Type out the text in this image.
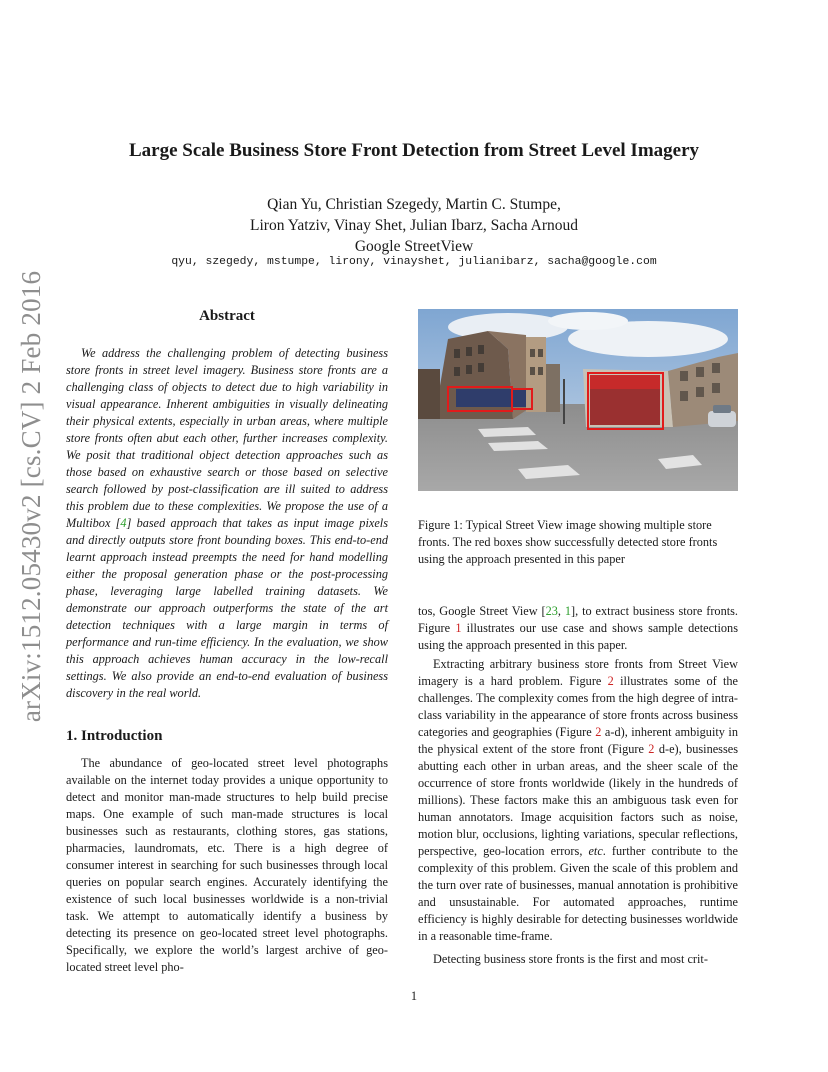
arXiv:1512.05430v2 [cs.CV] 2 Feb 2016
Large Scale Business Store Front Detection from Street Level Imagery
Qian Yu, Christian Szegedy, Martin C. Stumpe,
Liron Yatziv, Vinay Shet, Julian Ibarz, Sacha Arnoud
Google StreetView
qyu, szegedy, mstumpe, lirony, vinayshet, julianibarz, sacha@google.com
Abstract
We address the challenging problem of detecting business store fronts in street level imagery. Business store fronts are a challenging class of objects to detect due to high variability in visual appearance. Inherent ambiguities in visually delineating their physical extents, especially in urban areas, where multiple store fronts often abut each other, further increases complexity. We posit that traditional object detection approaches such as those based on exhaustive search or those based on selective search followed by post-classification are ill suited to address this problem due to these complexities. We propose the use of a Multibox [4] based approach that takes as input image pixels and directly outputs store front bounding boxes. This end-to-end learnt approach instead preempts the need for hand modelling either the proposal generation phase or the post-processing phase, leveraging large labelled training datasets. We demonstrate our approach outperforms the state of the art detection techniques with a large margin in terms of performance and run-time efficiency. In the evaluation, we show this approach achieves human accuracy in the low-recall settings. We also provide an end-to-end evaluation of business discovery in the real world.
1. Introduction
The abundance of geo-located street level photographs available on the internet today provides a unique opportunity to detect and monitor man-made structures to help build precise maps. One example of such man-made structures is local businesses such as restaurants, clothing stores, gas stations, pharmacies, laundromats, etc. There is a high degree of consumer interest in searching for such businesses through local queries on popular search engines. Accurately identifying the existence of such local businesses worldwide is a non-trivial task. We attempt to automatically identify a business by detecting its presence on geo-located street level photographs. Specifically, we explore the world’s largest archive of geo-located street level pho-
Figure 1: Typical Street View image showing multiple store fronts. The red boxes show successfully detected store fronts using the approach presented in this paper
tos, Google Street View [23, 1], to extract business store fronts. Figure 1 illustrates our use case and shows sample detections using the approach presented in this paper.
Extracting arbitrary business store fronts from Street View imagery is a hard problem. Figure 2 illustrates some of the challenges. The complexity comes from the high degree of intra-class variability in the appearance of store fronts across business categories and geographies (Figure 2 a-d), inherent ambiguity in the physical extent of the store front (Figure 2 d-e), businesses abutting each other in urban areas, and the sheer scale of the occurrence of store fronts worldwide (likely in the hundreds of millions). These factors make this an ambiguous task even for human annotators. Image acquisition factors such as noise, motion blur, occlusions, lighting variations, specular reflections, perspective, geo-location errors, etc. further contribute to the complexity of this problem. Given the scale of this problem and the turn over rate of businesses, manual annotation is prohibitive and unsustainable. For automated approaches, runtime efficiency is highly desirable for detecting businesses worldwide in a reasonable time-frame.
Detecting business store fronts is the first and most crit-
1
